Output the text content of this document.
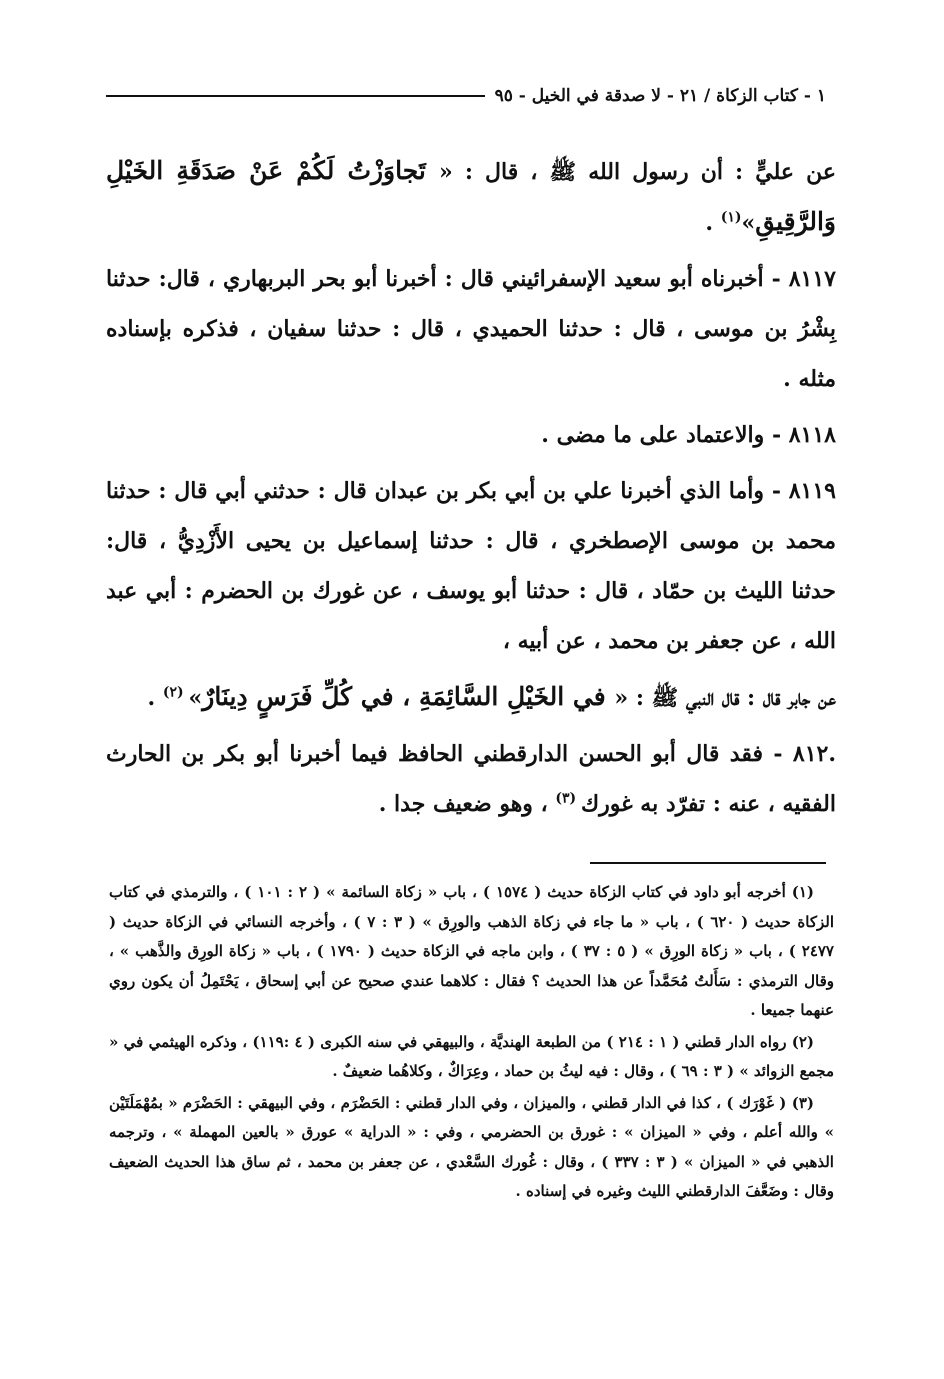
١ - كتاب الزكاة / ٢١ - لا صدقة في الخيل - ٩٥

عن عليٍّ : أن رسول الله ﷺ ، قال : « تَجاوَزْتُ لَكُمْ عَنْ صَدَقَةِ الخَيْلِ وَالرَّقِيقِ»$^{(١)}$ .

٨١١٧ - أخبرناه أبو سعيد الإسفرائيني قال : أخبرنا أبو بحر البربهاري ، قال: حدثنا بِشْرُ بن موسى ، قال : حدثنا الحميدي ، قال : حدثنا سفيان ، فذكره بإسناده مثله .

٨١١٨ - والاعتماد على ما مضى .

٨١١٩ - وأما الذي أخبرنا علي بن أبي بكر بن عبدان قال : حدثني أبي قال : حدثنا محمد بن موسى الإصطخري ، قال : حدثنا إسماعيل بن يحيى الأَزْدِيُّ ، قال: حدثنا الليث بن حمّاد ، قال : حدثنا أبو يوسف ، عن غورك بن الحضرم : أبي عبد الله ، عن جعفر بن محمد ، عن أبيه ،

عن جابر قال : قال النبي ﷺ : « في الخَيْلِ السَّائِمَةِ ، في كُلِّ فَرَسٍ دِينَارٌ» $^{(٢)}$ .

.٨١٢ - فقد قال أبو الحسن الدارقطني الحافظ فيما أخبرنا أبو بكر بن الحارث الفقيه ، عنه : تفرّد به غورك $^{(٣)}$ ، وهو ضعيف جدا .

(١) أخرجه أبو داود في كتاب الزكاة حديث ( ١٥٧٤ ) ، باب « زكاة السائمة » ( ٢ : ١٠١ ) ، والترمذي في كتاب الزكاة حديث ( ٦٢٠ ) ، باب « ما جاء في زكاة الذهب والورِق » ( ٣ : ٧ ) ، وأخرجه النسائي في الزكاة حديث ( ٢٤٧٧ ) ، باب « زكاة الورِق » ( ٥ : ٣٧ ) ، وابن ماجه في الزكاة حديث ( ١٧٩٠ ) ، باب « زكاة الورِق والذَّهب » ، وقال الترمذي : سَأَلتُ مُحَمَّداً عن هذا الحديث ؟ فقال : كلاهما عندي صحيح عن أبي إسحاق ، يَحْتَمِلُ أن يكون روي عنهما جميعا .

(٢) رواه الدار قطني ( ١ : ٢١٤ ) من الطبعة الهنديَّة ، والبيهقي في سنه الكبرى ( ٤ :١١٩) ، وذكره الهيثمي في « مجمع الزوائد » ( ٣ : ٦٩ ) ، وقال : فيه ليثُ بن حماد ، وعِرَاكٌ ، وكلاهُما ضعيفٌ .

(٣) ( غَوْرَك ) ، كذا في الدار قطني ، والميزان ، وفي الدار قطني : الحَضْرَم ، وفي البيهقي : الحَضْرَم « بمُهْمَلَتَيْن » والله أعلم ، وفي « الميزان » : غورق بن الحضرمي ، وفي : « الدراية » عورق « بالعين المهملة » ، وترجمه الذهبي في « الميزان » ( ٣ : ٣٣٧ ) ، وقال : غُورك السَّعْدي ، عن جعفر بن محمد ، ثم ساق هذا الحديث الضعيف وقال : وضَعَّفَ الدارقطني الليث وغيره في إسناده .
